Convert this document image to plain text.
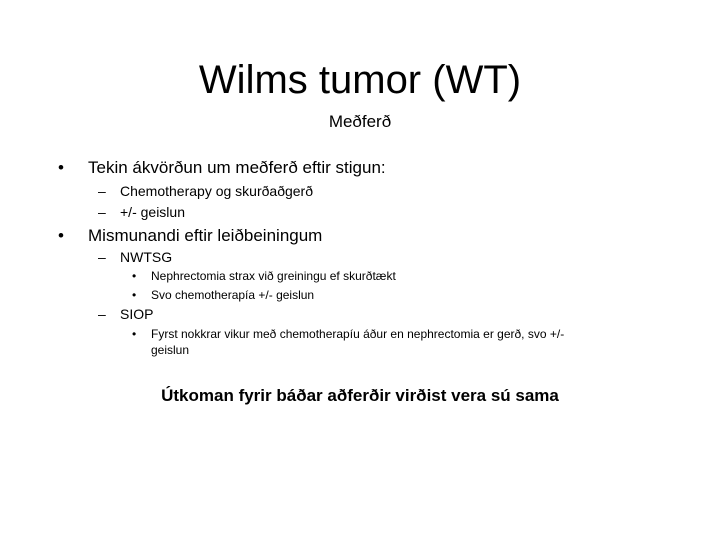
Wilms tumor (WT)
Meðferð
• Tekin ákvörðun um meðferð eftir stigun:
– Chemotherapy og skurðaðgerð
– +/- geislun
• Mismunandi eftir leiðbeiningum
– NWTSG
• Nephrectomia strax við greiningu ef skurðtækt
• Svo chemotherapía +/- geislun
– SIOP
• Fyrst nokkrar vikur með chemotherapíu áður en nephrectomia er gerð, svo +/-
geislun
Útkoman fyrir báðar aðferðir virðist vera sú sama
